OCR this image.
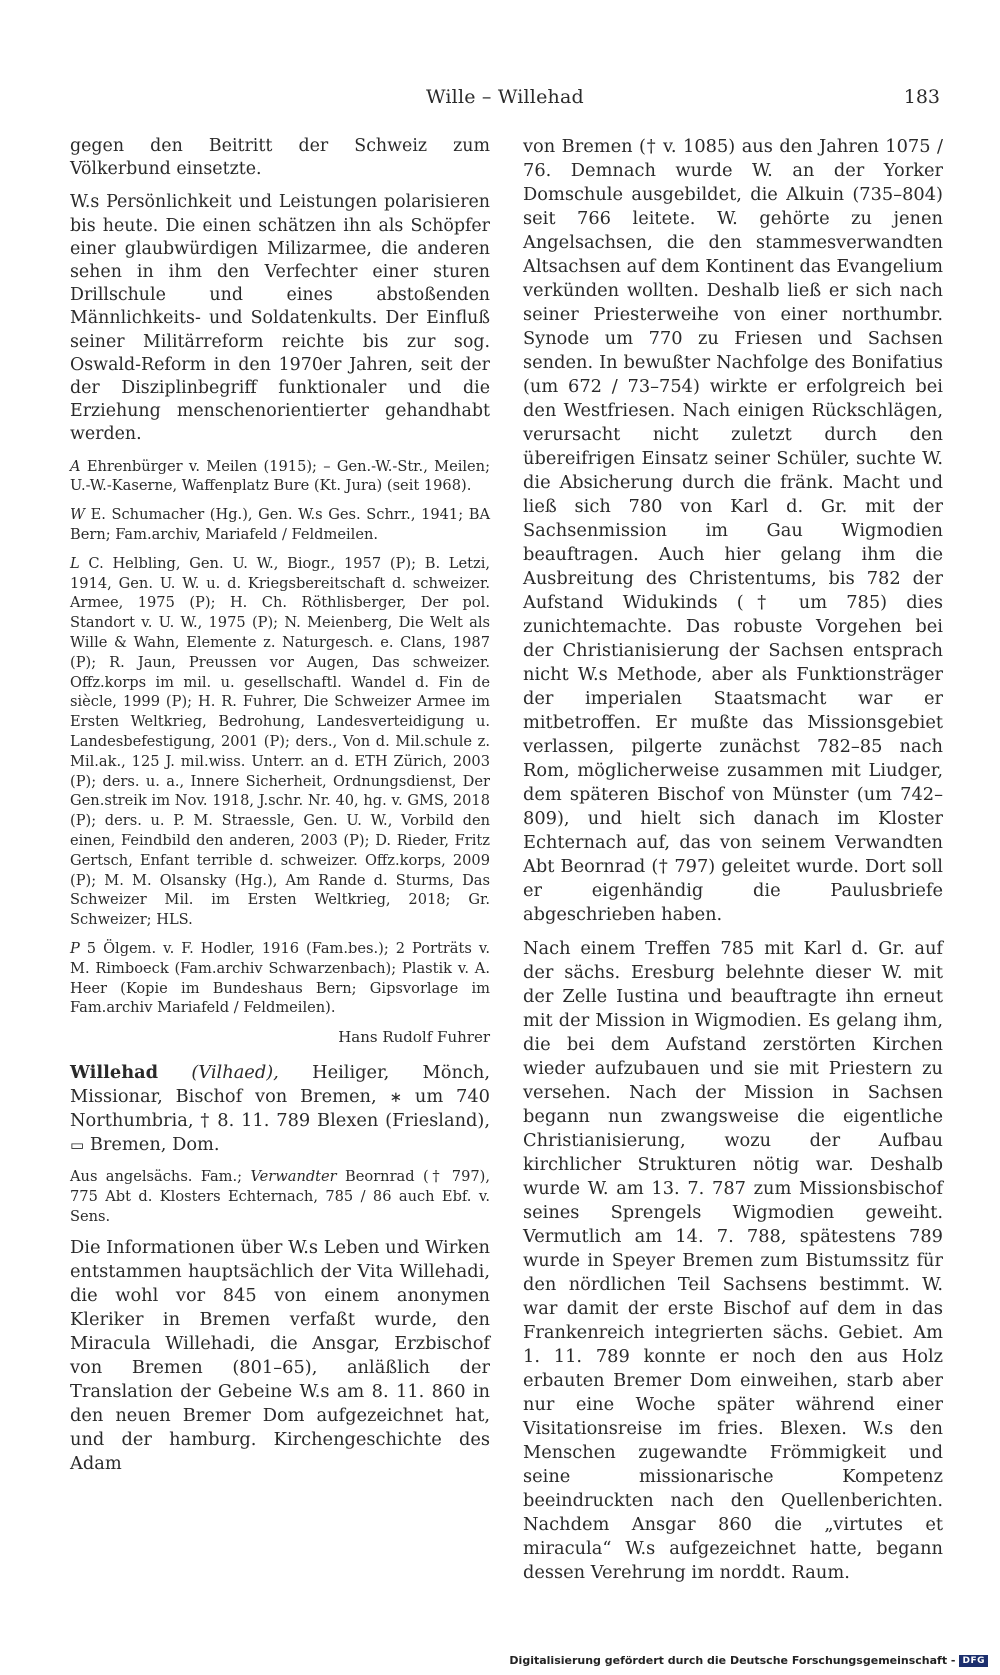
Wille – Willehad	183

gegen den Beitritt der Schweiz zum Völkerbund einsetzte.

W.s Persönlichkeit und Leistungen polarisieren bis heute. Die einen schätzen ihn als Schöpfer einer glaubwürdigen Milizarmee, die anderen sehen in ihm den Verfechter einer sturen Drillschule und eines abstoßenden Männlichkeits- und Soldatenkults. Der Einfluß seiner Militärreform reichte bis zur sog. Oswald-Reform in den 1970er Jahren, seit der der Disziplinbegriff funktionaler und die Erziehung menschenorientierter gehandhabt werden.

A Ehrenbürger v. Meilen (1915); – Gen.-W.-Str., Meilen; U.-W.-Kaserne, Waffenplatz Bure (Kt. Jura) (seit 1968).

W E. Schumacher (Hg.), Gen. W.s Ges. Schrr., 1941; BA Bern; Fam.archiv, Mariafeld / Feldmeilen.

L C. Helbling, Gen. U. W., Biogr., 1957 (P); B. Letzi, 1914, Gen. U. W. u. d. Kriegsbereitschaft d. schweizer. Armee, 1975 (P); H. Ch. Röthlisberger, Der pol. Standort v. U. W., 1975 (P); N. Meienberg, Die Welt als Wille & Wahn, Elemente z. Naturgesch. e. Clans, 1987 (P); R. Jaun, Preussen vor Augen, Das schweizer. Offz.korps im mil. u. gesellschaftl. Wandel d. Fin de siècle, 1999 (P); H. R. Fuhrer, Die Schweizer Armee im Ersten Weltkrieg, Bedrohung, Landesverteidigung u. Landesbefestigung, 2001 (P); ders., Von d. Mil.schule z. Mil.ak., 125 J. mil.wiss. Unterr. an d. ETH Zürich, 2003 (P); ders. u. a., Innere Sicherheit, Ordnungsdienst, Der Gen.streik im Nov. 1918, J.schr. Nr. 40, hg. v. GMS, 2018 (P); ders. u. P. M. Straessle, Gen. U. W., Vorbild den einen, Feindbild den anderen, 2003 (P); D. Rieder, Fritz Gertsch, Enfant terrible d. schweizer. Offz.korps, 2009 (P); M. M. Olsansky (Hg.), Am Rande d. Sturms, Das Schweizer Mil. im Ersten Weltkrieg, 2018; Gr. Schweizer; HLS.

P 5 Ölgem. v. F. Hodler, 1916 (Fam.bes.); 2 Porträts v. M. Rimboeck (Fam.archiv Schwarzenbach); Plastik v. A. Heer (Kopie im Bundeshaus Bern; Gipsvorlage im Fam.archiv Mariafeld / Feldmeilen).

Hans Rudolf Fuhrer

Willehad (Vilhaed), Heiliger, Mönch, Missionar, Bischof von Bremen, ∗ um 740 Northumbria, † 8. 11. 789 Blexen (Friesland), ▭ Bremen, Dom.

Aus angelsächs. Fam.; Verwandter Beornrad († 797), 775 Abt d. Klosters Echternach, 785 / 86 auch Ebf. v. Sens.

Die Informationen über W.s Leben und Wirken entstammen hauptsächlich der Vita Willehadi, die wohl vor 845 von einem anonymen Kleriker in Bremen verfaßt wurde, den Miracula Willehadi, die Ansgar, Erzbischof von Bremen (801–65), anläßlich der Translation der Gebeine W.s am 8. 11. 860 in den neuen Bremer Dom aufgezeichnet hat, und der hamburg. Kirchengeschichte des Adam

von Bremen († v. 1085) aus den Jahren 1075 / 76. Demnach wurde W. an der Yorker Domschule ausgebildet, die Alkuin (735–804) seit 766 leitete. W. gehörte zu jenen Angelsachsen, die den stammesverwandten Altsachsen auf dem Kontinent das Evangelium verkünden wollten. Deshalb ließ er sich nach seiner Priesterweihe von einer northumbr. Synode um 770 zu Friesen und Sachsen senden. In bewußter Nachfolge des Bonifatius (um 672 / 73–754) wirkte er erfolgreich bei den Westfriesen. Nach einigen Rückschlägen, verursacht nicht zuletzt durch den übereifrigen Einsatz seiner Schüler, suchte W. die Absicherung durch die fränk. Macht und ließ sich 780 von Karl d. Gr. mit der Sachsenmission im Gau Wigmodien beauftragen. Auch hier gelang ihm die Ausbreitung des Christentums, bis 782 der Aufstand Widukinds († um 785) dies zunichtemachte. Das robuste Vorgehen bei der Christianisierung der Sachsen entsprach nicht W.s Methode, aber als Funktionsträger der imperialen Staatsmacht war er mitbetroffen. Er mußte das Missionsgebiet verlassen, pilgerte zunächst 782–85 nach Rom, möglicherweise zusammen mit Liudger, dem späteren Bischof von Münster (um 742–809), und hielt sich danach im Kloster Echternach auf, das von seinem Verwandten Abt Beornrad († 797) geleitet wurde. Dort soll er eigenhändig die Paulusbriefe abgeschrieben haben.

Nach einem Treffen 785 mit Karl d. Gr. auf der sächs. Eresburg belehnte dieser W. mit der Zelle Iustina und beauftragte ihn erneut mit der Mission in Wigmodien. Es gelang ihm, die bei dem Aufstand zerstörten Kirchen wieder aufzubauen und sie mit Priestern zu versehen. Nach der Mission in Sachsen begann nun zwangsweise die eigentliche Christianisierung, wozu der Aufbau kirchlicher Strukturen nötig war. Deshalb wurde W. am 13. 7. 787 zum Missionsbischof seines Sprengels Wigmodien geweiht. Vermutlich am 14. 7. 788, spätestens 789 wurde in Speyer Bremen zum Bistumssitz für den nördlichen Teil Sachsens bestimmt. W. war damit der erste Bischof auf dem in das Frankenreich integrierten sächs. Gebiet. Am 1. 11. 789 konnte er noch den aus Holz erbauten Bremer Dom einweihen, starb aber nur eine Woche später während einer Visitationsreise im fries. Blexen. W.s den Menschen zugewandte Frömmigkeit und seine missionarische Kompetenz beeindruckten nach den Quellenberichten. Nachdem Ansgar 860 die „virtutes et miracula“ W.s aufgezeichnet hatte, begann dessen Verehrung im norddt. Raum.

Digitalisierung gefördert durch die Deutsche Forschungsgemeinschaft - DFG
